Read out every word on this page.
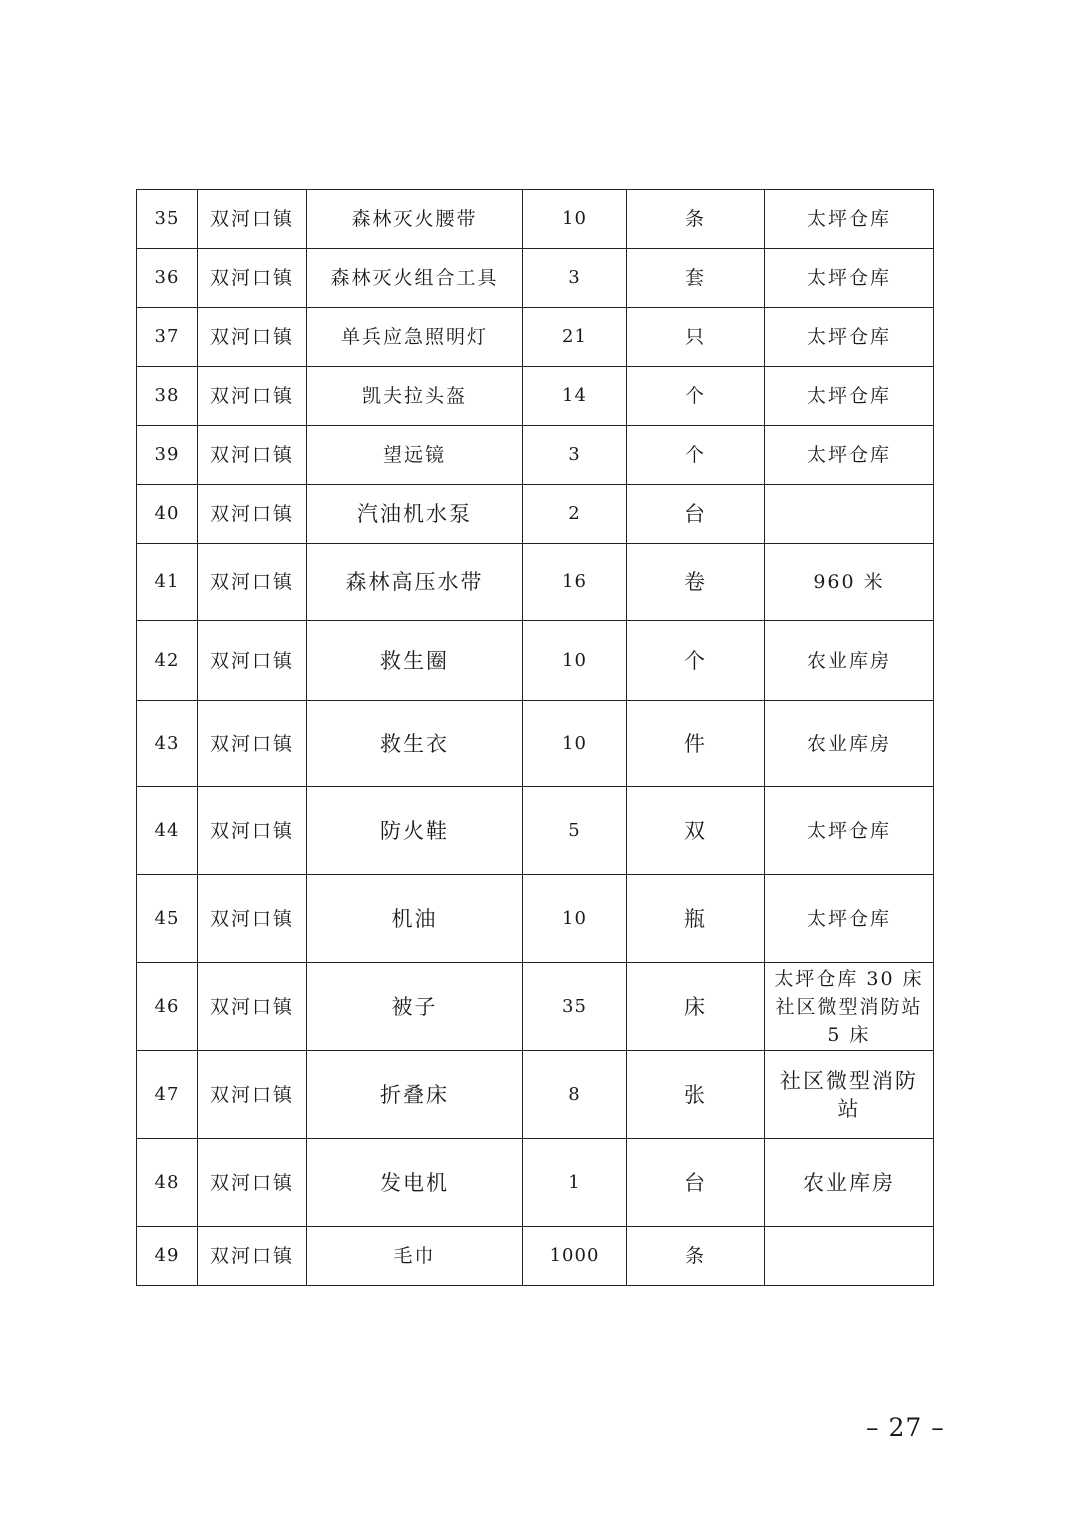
35	双河口镇	森林灭火腰带	10	条	太坪仓库
36	双河口镇	森林灭火组合工具	3	套	太坪仓库
37	双河口镇	单兵应急照明灯	21	只	太坪仓库
38	双河口镇	凯夫拉头盔	14	个	太坪仓库
39	双河口镇	望远镜	3	个	太坪仓库
40	双河口镇	汽油机水泵	2	台	
41	双河口镇	森林高压水带	16	卷	960 米
42	双河口镇	救生圈	10	个	农业库房
43	双河口镇	救生衣	10	件	农业库房
44	双河口镇	防火鞋	5	双	太坪仓库
45	双河口镇	机油	10	瓶	太坪仓库
46	双河口镇	被子	35	床	太坪仓库 30 床社区微型消防站 5 床
47	双河口镇	折叠床	8	张	社区微型消防站
48	双河口镇	发电机	1	台	农业库房
49	双河口镇	毛巾	1000	条	
– 27 –
